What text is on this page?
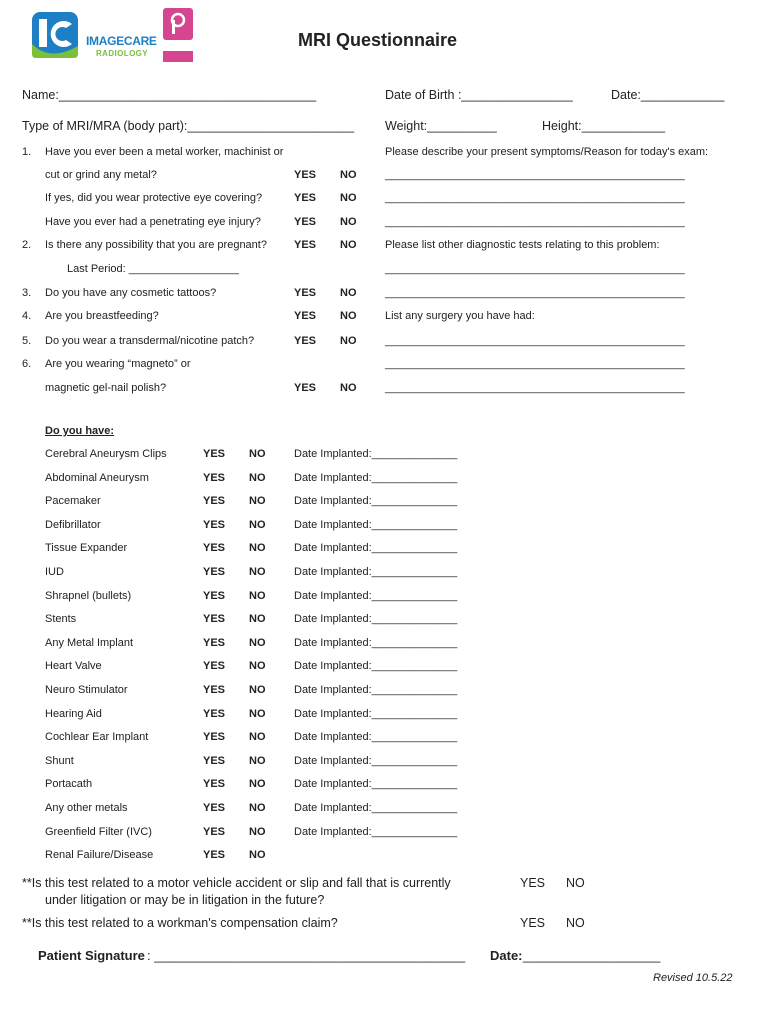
IMAGECARE
RADIOLOGY
PINK	MRI Questionnaire
Name:_____________________________________	Date of Birth :________________	Date:____________
Type of MRI/MRA (body part):________________________ Weight:__________	Height:____________
1. Have you ever been a metal worker, machinist or
cut or grind any metal?	YES NO
If yes, did you wear protective eye covering?	YES NO
Have you ever had a penetrating eye injury?	YES NO
2. Is there any possibility that you are pregnant? YES NO
Last Period: __________________
3. Do you have any cosmetic tattoos?	YES NO
4. Are you breastfeeding?	YES NO
5. Do you wear a transdermal/nicotine patch?	YES NO
6. Are you wearing “magneto” or
magnetic gel-nail polish?	YES NO
Please describe your present symptoms/Reason for today's exam:
_________________________________________________
_________________________________________________
_________________________________________________
Please list other diagnostic tests relating to this problem:
_________________________________________________
_________________________________________________
List any surgery you have had:
_________________________________________________
_________________________________________________
_________________________________________________
Do you have:
Cerebral Aneurysm Clips	YES NO	Date Implanted:______________
Abdominal Aneurysm	YES NO	Date Implanted:______________
Pacemaker	YES NO	Date Implanted:______________
Defibrillator	YES NO	Date Implanted:______________
Tissue Expander	YES NO	Date Implanted:______________
IUD	YES NO	Date Implanted:______________
Shrapnel (bullets)	YES NO	Date Implanted:______________
Stents	YES NO	Date Implanted:______________
Any Metal Implant	YES NO	Date Implanted:______________
Heart Valve	YES NO	Date Implanted:______________
Neuro Stimulator	YES NO	Date Implanted:______________
Hearing Aid	YES NO	Date Implanted:______________
Cochlear Ear Implant	YES NO	Date Implanted:______________
Shunt	YES NO	Date Implanted:______________
Portacath	YES NO	Date Implanted:______________
Any other metals	YES NO	Date Implanted:______________
Greenfield Filter (IVC)	YES NO	Date Implanted:______________
Renal Failure/Disease	YES NO
**Is this test related to a motor vehicle accident or slip and fall that is currently
under litigation or may be in litigation in the future?
YES NO
**Is this test related to a workman's compensation claim?	YES NO
Patient Signature : ___________________________________________ Date: ___________________
Revised 10.5.22
